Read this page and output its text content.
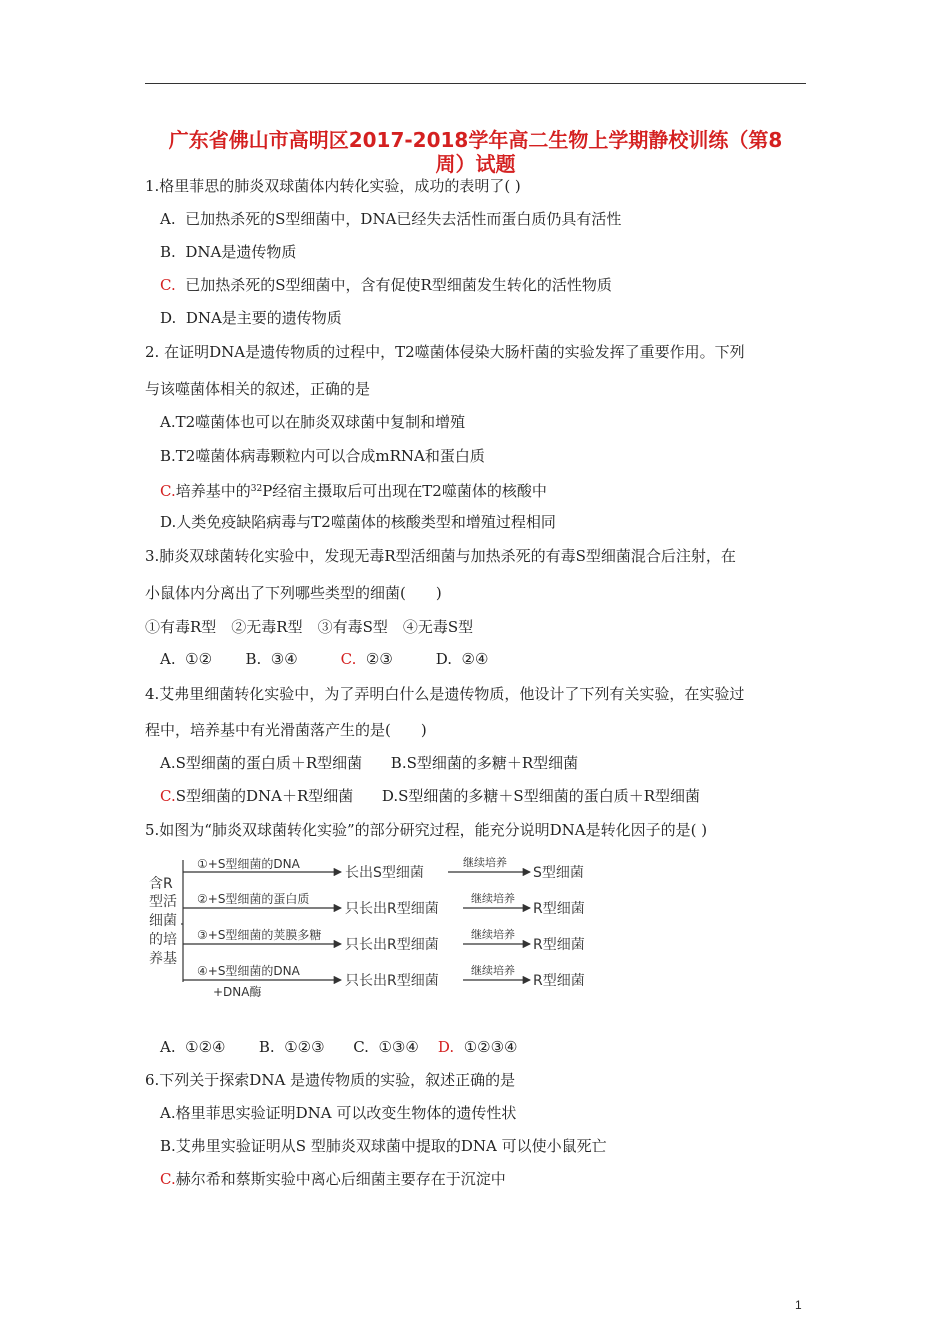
广东省佛山市高明区2017-2018学年高二生物上学期静校训练（第8
周）试题
1.格里菲思的肺炎双球菌体内转化实验，成功的表明了( )
A.  已加热杀死的S型细菌中，DNA已经失去活性而蛋白质仍具有活性
B.  DNA是遗传物质
C.  已加热杀死的S型细菌中，含有促使R型细菌发生转化的活性物质
D.  DNA是主要的遗传物质
2. 在证明DNA是遗传物质的过程中，T2噬菌体侵染大肠杆菌的实验发挥了重要作用。下列
与该噬菌体相关的叙述，正确的是
A.T2噬菌体也可以在肺炎双球菌中复制和增殖
B.T2噬菌体病毒颗粒内可以合成mRNA和蛋白质
C.培养基中的$^{32}$P经宿主摄取后可出现在T2噬菌体的核酸中
D.人类免疫缺陷病毒与T2噬菌体的核酸类型和增殖过程相同
3.肺炎双球菌转化实验中，发现无毒R型活细菌与加热杀死的有毒S型细菌混合后注射，在
小鼠体内分离出了下列哪些类型的细菌(　　)
①有毒R型　②无毒R型　③有毒S型　④无毒S型
A. ①② B. ③④	C. ②③	D. ②④
4.艾弗里细菌转化实验中，为了弄明白什么是遗传物质，他设计了下列有关实验，在实验过
程中，培养基中有光滑菌落产生的是(　　)
A.S型细菌的蛋白质＋R型细菌 B.S型细菌的多糖＋R型细菌
C.S型细菌的DNA＋R型细菌 D.S型细菌的多糖＋S型细菌的蛋白质＋R型细菌
5.如图为“肺炎双球菌转化实验”的部分研究过程，能充分说明DNA是转化因子的是( )
含R
型活
细菌
的培
养基
①+S型细菌的DNA
长出S型细菌
继续培养
S型细菌
②+S型细菌的蛋白质
只长出R型细菌
继续培养
R型细菌
③+S型细菌的荚膜多糖
只长出R型细菌
继续培养
R型细菌
④+S型细菌的DNA
+DNA酶
只长出R型细菌
继续培养
R型细菌
A. ①②④ B. ①②③ C. ①③④ D. ①②③④
6.下列关于探索DNA 是遗传物质的实验，叙述正确的是
A.格里菲思实验证明DNA 可以改变生物体的遗传性状
B.艾弗里实验证明从S 型肺炎双球菌中提取的DNA 可以使小鼠死亡
C.赫尔希和蔡斯实验中离心后细菌主要存在于沉淀中
1
